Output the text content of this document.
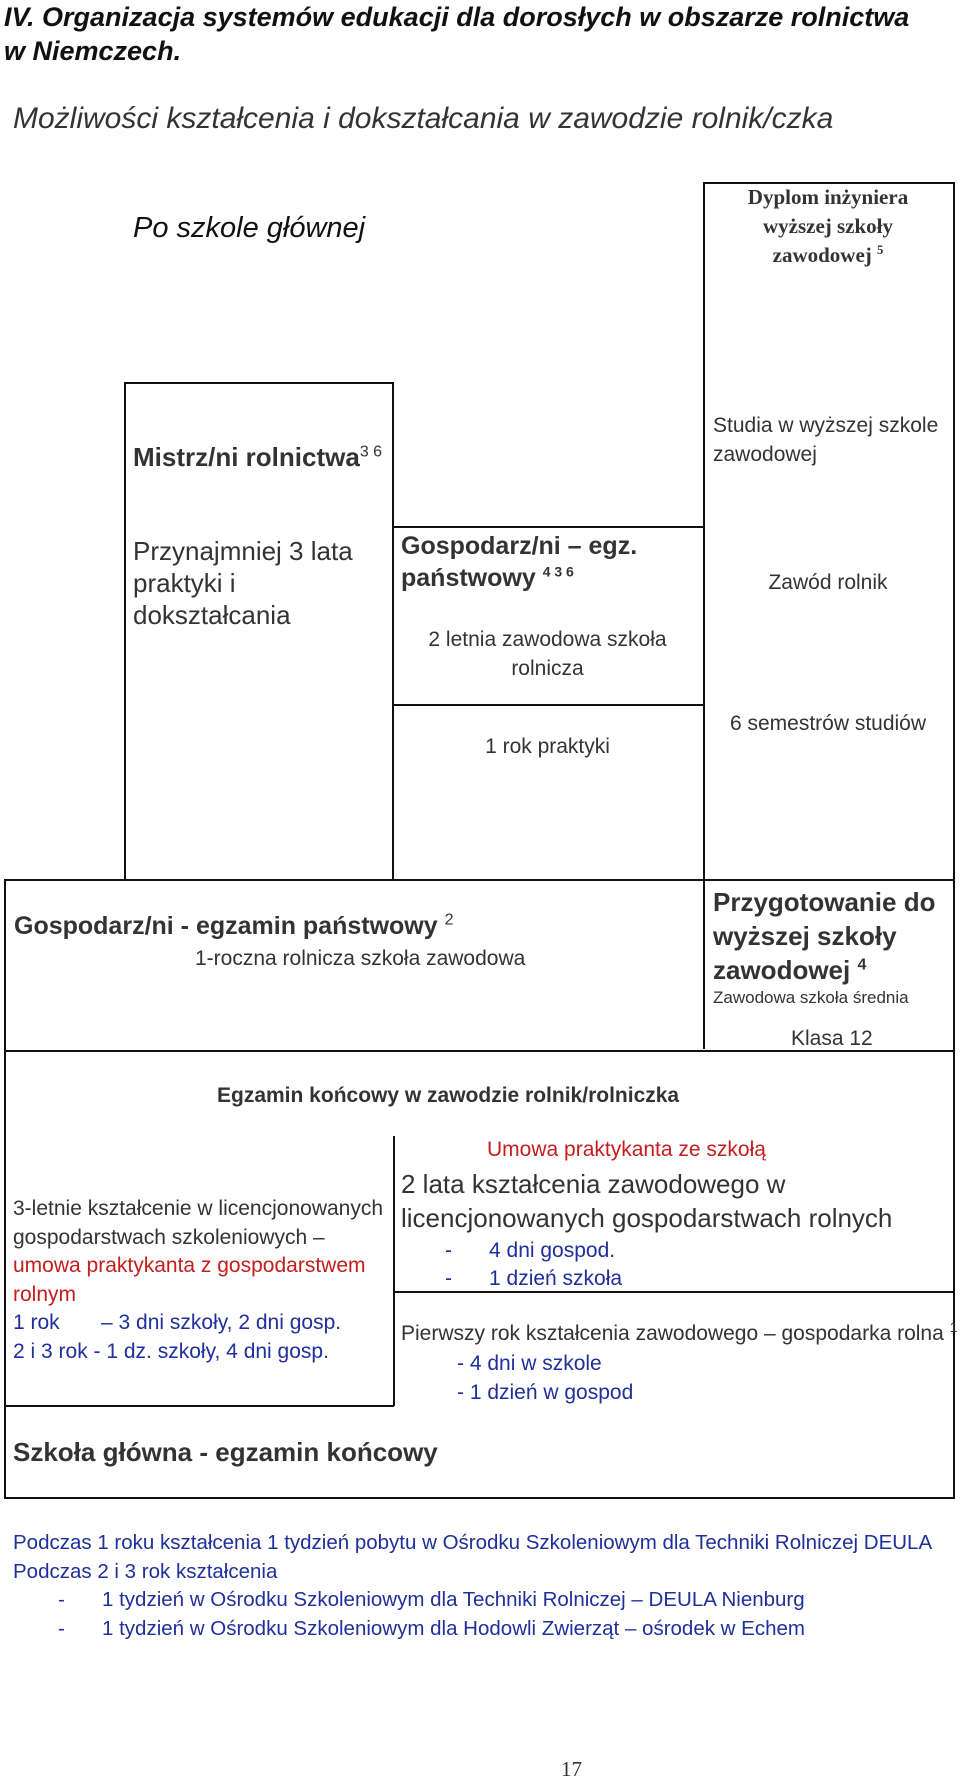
IV. Organizacja systemów edukacji dla dorosłych w obszarze rolnictwa
w Niemczech.
Możliwości kształcenia i dokształcania w zawodzie rolnik/czka
Po szkole głównej
Dyplom inżyniera
wyższej szkoły
zawodowej $^5$
Mistrz/ni rolnictwa$^{3 6}$
Przynajmniej 3 lata
praktyki i
dokształcania
Gospodarz/ni – egz.
państwowy $^{4 3 6}$
2 letnia zawodowa szkoła
rolnicza
1 rok praktyki
Studia w wyższej szkole
zawodowej
Zawód rolnik
6 semestrów studiów
Gospodarz/ni - egzamin państwowy $^2$
1-roczna rolnicza szkoła zawodowa
Przygotowanie do
wyższej szkoły
zawodowej $^4$
Zawodowa szkoła średnia
Klasa 12
Egzamin końcowy w zawodzie rolnik/rolniczka
3-letnie kształcenie w licencjonowanych
gospodarstwach szkoleniowych –
umowa praktykanta z gospodarstwem
rolnym
1 rok – 3 dni szkoły, 2 dni gosp.
2 i 3 rok - 1 dz. szkoły, 4 dni gosp.
Umowa praktykanta ze szkołą
2 lata kształcenia zawodowego w
licencjonowanych gospodarstwach rolnych
- 4 dni gospod.
- 1 dzień szkoła
Pierwszy rok kształcenia zawodowego – gospodarka rolna $^1$
- 4 dni w szkole
- 1 dzień w gospod
Szkoła główna - egzamin końcowy
Podczas 1 roku kształcenia 1 tydzień pobytu w Ośrodku Szkoleniowym dla Techniki Rolniczej DEULA
Podczas 2 i 3 rok kształcenia
- 1 tydzień w Ośrodku Szkoleniowym dla Techniki Rolniczej – DEULA Nienburg
- 1 tydzień w Ośrodku Szkoleniowym dla Hodowli Zwierząt – ośrodek w Echem
17
